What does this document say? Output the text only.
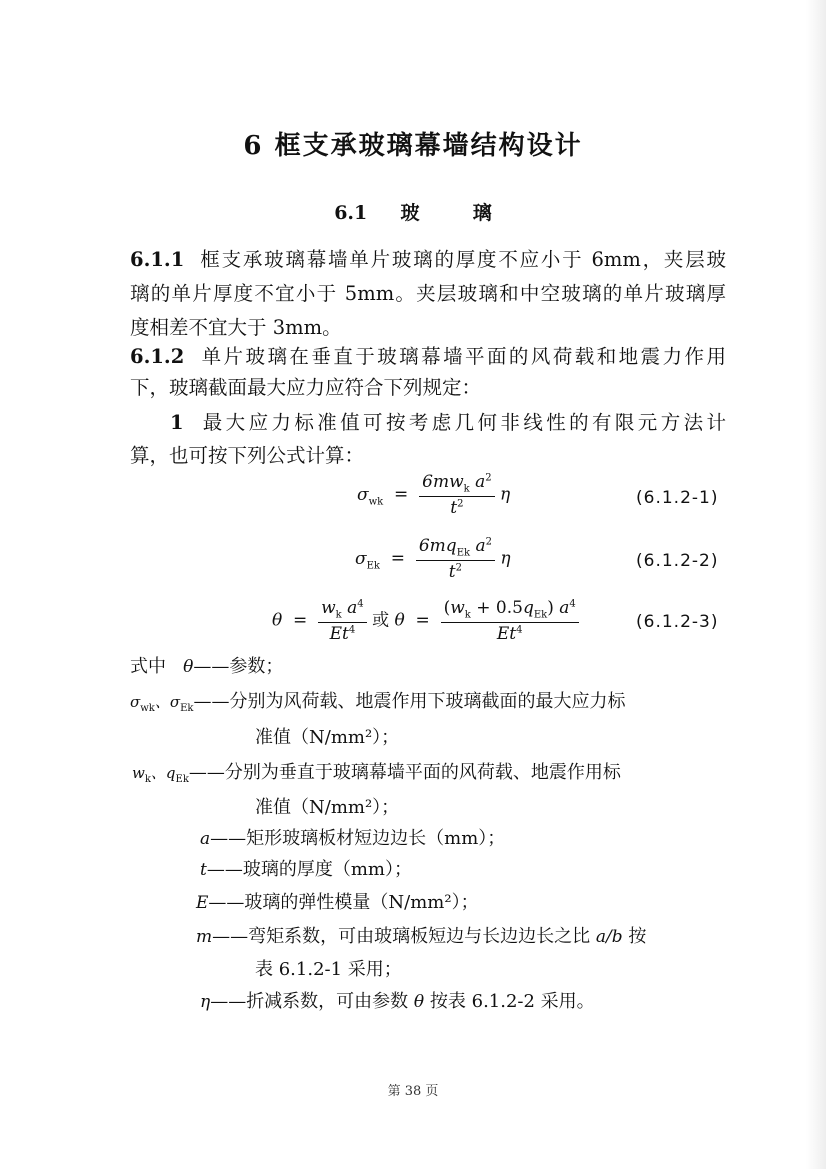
6 框支承玻璃幕墙结构设计
6.1 玻	璃
6.1.1 框支承玻璃幕墙单片玻璃的厚度不应小于 6mm，夹层玻
璃的单片厚度不宜小于 5mm。夹层玻璃和中空玻璃的单片玻璃厚
度相差不宜大于 3mm。
6.1.2 单片玻璃在垂直于玻璃幕墙平面的风荷载和地震力作用
下，玻璃截面最大应力应符合下列规定：
1 最大应力标准值可按考虑几何非线性的有限元方法计
算，也可按下列公式计算：
$\sigma_{wk} = \frac{6mw_k a^2}{t^2}$ η	(6.1.2-1)
$\sigma_{Ek} = \frac{6mq_{Ek} a^2}{t^2}$ η	(6.1.2-2)
$\theta = \frac{w_k a^4}{Et^4}$ 或 $\theta = \frac{(w_k + 0.5q_{Ek}) a^4}{Et^4}$	(6.1.2-3)
式中 θ——参数；
$\sigma_{wk}$、$\sigma_{Ek}——$分别为风荷载、地震作用下玻璃截面的最大应力标
准值（N/mm²）；
$w_k$、$q_{Ek}——$分别为垂直于玻璃幕墙平面的风荷载、地震作用标
准值（N/mm²）；
a——矩形玻璃板材短边边长（mm）；
t——玻璃的厚度（mm）；
E——玻璃的弹性模量（N/mm²）；
m——弯矩系数，可由玻璃板短边与长边边长之比 a/b 按
表 6.1.2-1 采用；
η——折减系数，可由参数 θ 按表 6.1.2-2 采用。
第 38 页
